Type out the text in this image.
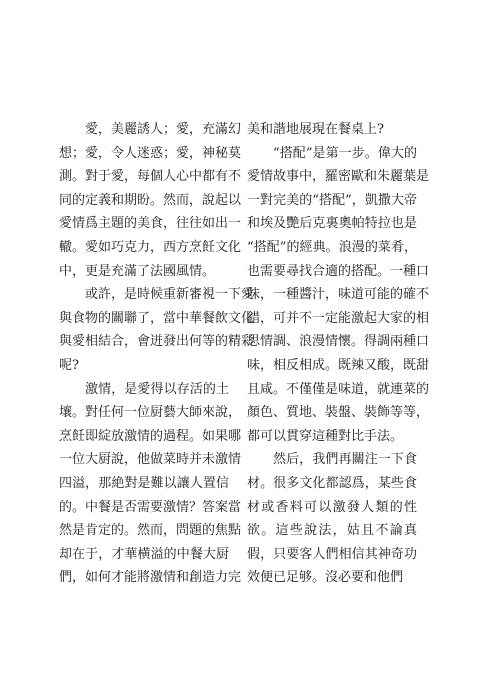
愛，美麗誘人；愛，充滿幻
想；愛，令人迷惑；愛，神秘莫
測。對于愛，每個人心中都有不
同的定義和期盼。然而，說起以
愛情爲主題的美食，往往如出一
轍。愛如巧克力，西方烹飪文化
中，更是充滿了法國風情。
或許，是時候重新審視一下愛
與食物的關聯了，當中華餐飲文化
與愛相結合，會迸發出何等的精彩
呢?
激情，是愛得以存活的土
壤。對任何一位厨藝大師來說，
烹飪即綻放激情的過程。如果哪
一位大厨說，他做菜時并未激情
四溢，那絶對是難以讓人置信
的。中餐是否需要激情？答案當
然是肯定的。然而，問題的焦點
却在于，才華横溢的中餐大厨
們，如何才能將激情和創造力完
美和諧地展現在餐桌上?
“搭配”是第一步。偉大的
愛情故事中，羅密歐和朱麗葉是
一對完美的“搭配”，凱撒大帝
和埃及艷后克裏奧帕特拉也是
“搭配”的經典。浪漫的菜肴，
也需要尋找合適的搭配。一種口
味，一種醬汁，味道可能的確不
錯，可并不一定能激起大家的相
思情調、浪漫情懷。得調兩種口
味，相反相成。既辣又酸，既甜
且咸。不僅僅是味道，就連菜的
顏色、質地、裝盤、裝飾等等，
都可以貫穿這種對比手法。
然后，我們再關注一下食
材。很多文化都認爲，某些食
材或香料可以激發人類的性
欲。這些說法，姑且不論真
假，只要客人們相信其神奇功
效便已足够。沒必要和他們
